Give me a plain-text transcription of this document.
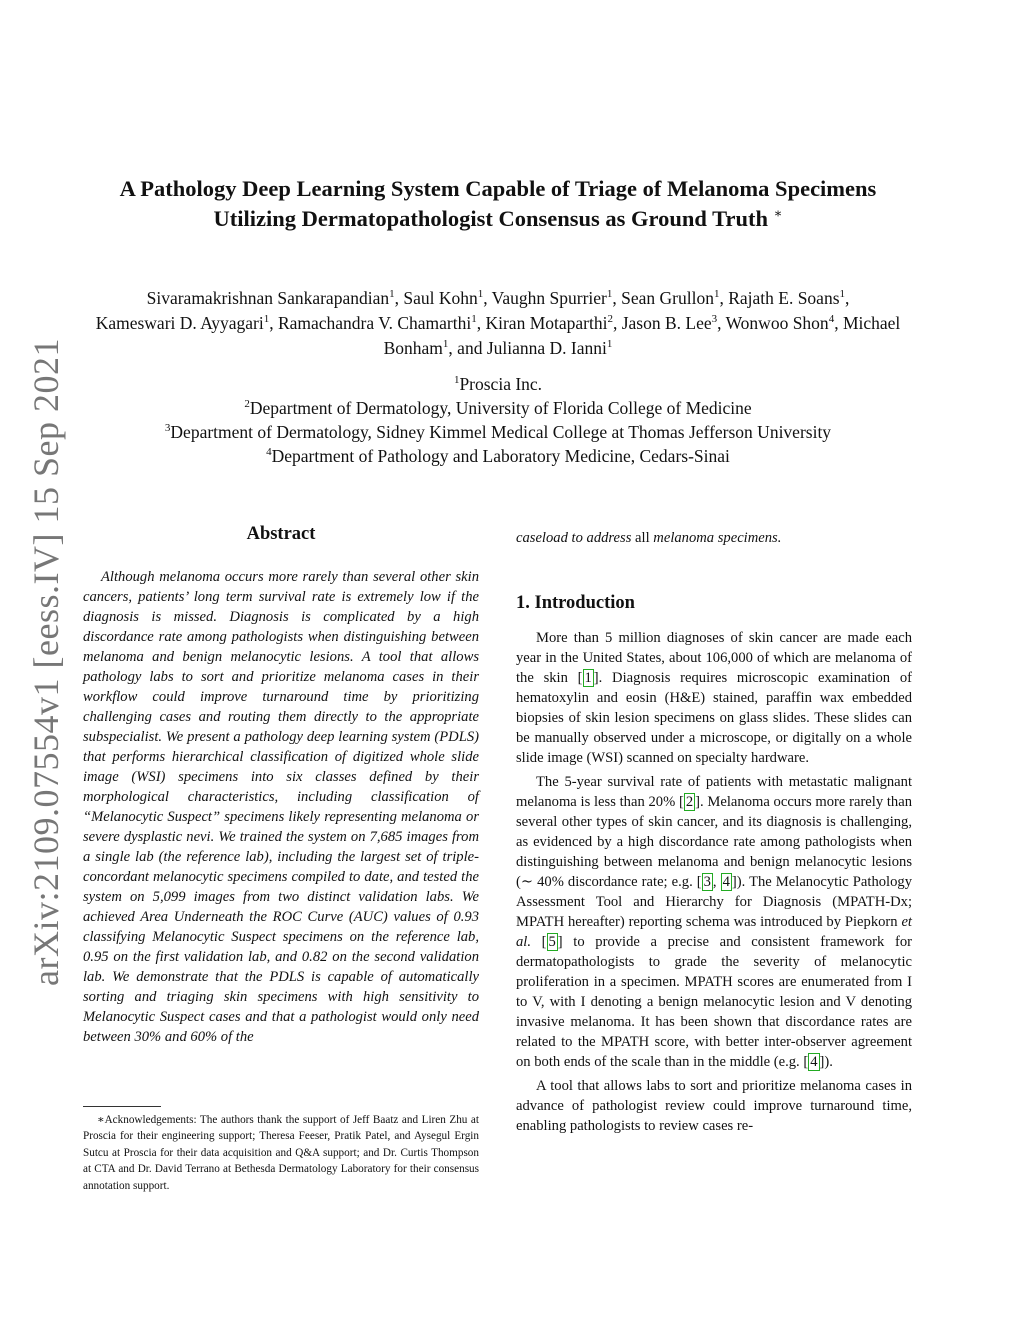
arXiv:2109.07554v1 [eess.IV] 15 Sep 2021
A Pathology Deep Learning System Capable of Triage of Melanoma Specimens
Utilizing Dermatopathologist Consensus as Ground Truth ∗
Sivaramakrishnan Sankarapandian$^1$, Saul Kohn$^1$, Vaughn Spurrier$^1$, Sean Grullon$^1$, Rajath E. Soans$^1$,
Kameswari D. Ayyagari$^1$, Ramachandra V. Chamarthi$^1$, Kiran Motaparthi$^2$, Jason B. Lee$^3$, Wonwoo Shon$^4$, Michael Bonham$^1$, and Julianna D. Ianni$^1$
$^1$Proscia Inc.
$^2$Department of Dermatology, University of Florida College of Medicine
$^3$Department of Dermatology, Sidney Kimmel Medical College at Thomas Jefferson University
$^4$Department of Pathology and Laboratory Medicine, Cedars-Sinai
Abstract

Although melanoma occurs more rarely than several other skin cancers, patients’ long term survival rate is extremely low if the diagnosis is missed. Diagnosis is complicated by a high discordance rate among pathologists when distinguishing between melanoma and benign melanocytic lesions. A tool that allows pathology labs to sort and prioritize melanoma cases in their workflow could improve turnaround time by prioritizing challenging cases and routing them directly to the appropriate subspecialist. We present a pathology deep learning system (PDLS) that performs hierarchical classification of digitized whole slide image (WSI) specimens into six classes defined by their morphological characteristics, including classification of “Melanocytic Suspect” specimens likely representing melanoma or severe dysplastic nevi. We trained the system on 7,685 images from a single lab (the reference lab), including the largest set of triple-concordant melanocytic specimens compiled to date, and tested the system on 5,099 images from two distinct validation labs. We achieved Area Underneath the ROC Curve (AUC) values of 0.93 classifying Melanocytic Suspect specimens on the reference lab, 0.95 on the first validation lab, and 0.82 on the second validation lab. We demonstrate that the PDLS is capable of automatically sorting and triaging skin specimens with high sensitivity to Melanocytic Suspect cases and that a pathologist would only need between 30% and 60% of the

∗Acknowledgements: The authors thank the support of Jeff Baatz and Liren Zhu at Proscia for their engineering support; Theresa Feeser, Pratik Patel, and Aysegul Ergin Sutcu at Proscia for their data acquisition and Q&A support; and Dr. Curtis Thompson at CTA and Dr. David Terrano at Bethesda Dermatology Laboratory for their consensus annotation support.

caseload to address all melanoma specimens.

1. Introduction

More than 5 million diagnoses of skin cancer are made each year in the United States, about 106,000 of which are melanoma of the skin [ 1 ]. Diagnosis requires microscopic examination of hematoxylin and eosin (H&E) stained, paraffin wax embedded biopsies of skin lesion specimens on glass slides. These slides can be manually observed under a microscope, or digitally on a whole slide image (WSI) scanned on specialty hardware.

The 5-year survival rate of patients with metastatic malignant melanoma is less than 20% [ 2 ]. Melanoma occurs more rarely than several other types of skin cancer, and its diagnosis is challenging, as evidenced by a high discordance rate among pathologists when distinguishing between melanoma and benign melanocytic lesions (∼ 40% discordance rate; e.g. [ 3 , 4 ]). The Melanocytic Pathology Assessment Tool and Hierarchy for Diagnosis (MPATH-Dx; MPATH hereafter) reporting schema was introduced by Piepkorn et al. [ 5 ] to provide a precise and consistent framework for dermatopathologists to grade the severity of melanocytic proliferation in a specimen. MPATH scores are enumerated from I to V, with I denoting a benign melanocytic lesion and V denoting invasive melanoma. It has been shown that discordance rates are related to the MPATH score, with better inter-observer agreement on both ends of the scale than in the middle (e.g. [ 4 ]).

A tool that allows labs to sort and prioritize melanoma cases in advance of pathologist review could improve turnaround time, enabling pathologists to review cases re-
